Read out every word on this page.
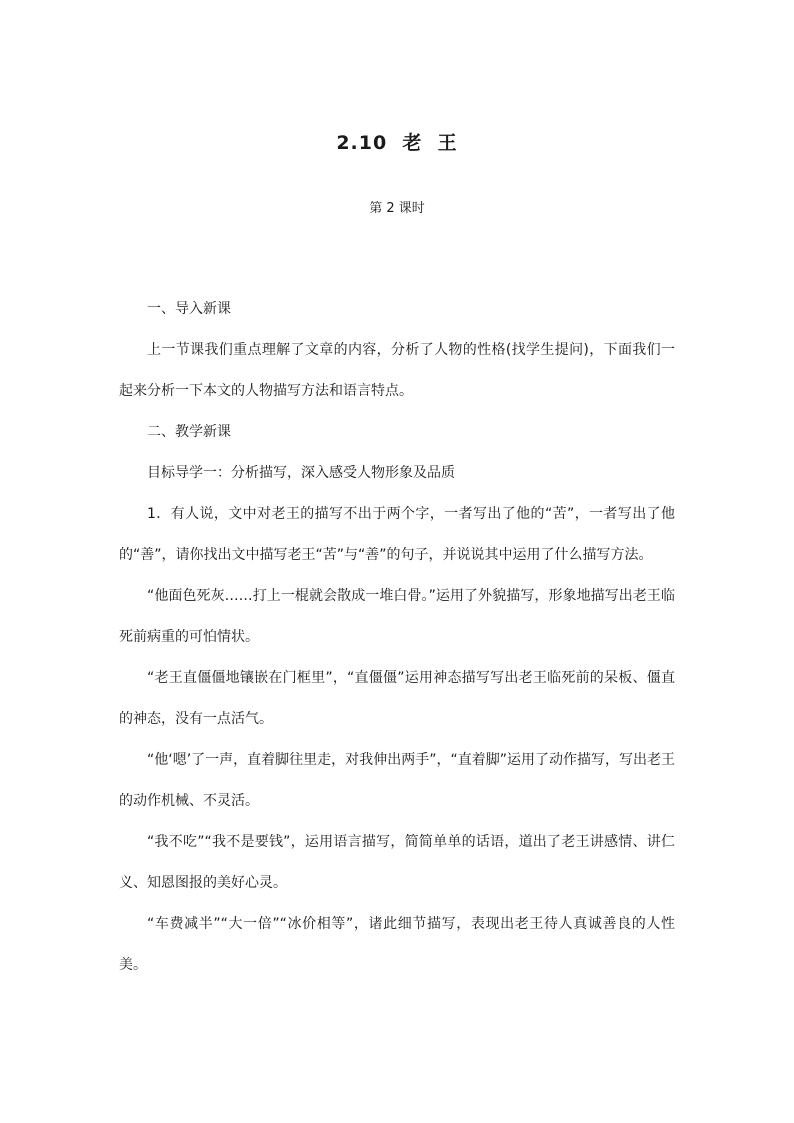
2.10  老  王
第 2 课时

一、导入新课

上一节课我们重点理解了文章的内容，分析了人物的性格(找学生提问)，下面我们一起来分析一下本文的人物描写方法和语言特点。

二、教学新课

目标导学一：分析描写，深入感受人物形象及品质

1．有人说，文中对老王的描写不出于两个字，一者写出了他的“苦”，一者写出了他的“善”，请你找出文中描写老王“苦”与“善”的句子，并说说其中运用了什么描写方法。

“他面色死灰……打上一棍就会散成一堆白骨。”运用了外貌描写，形象地描写出老王临死前病重的可怕情状。

“老王直僵僵地镶嵌在门框里”，“直僵僵”运用神态描写写出老王临死前的呆板、僵直的神态，没有一点活气。

“他‘嗯’了一声，直着脚往里走，对我伸出两手”，“直着脚”运用了动作描写，写出老王的动作机械、不灵活。

“我不吃”“我不是要钱”，运用语言描写，简简单单的话语，道出了老王讲感情、讲仁义、知恩图报的美好心灵。

“车费减半”“大一倍”“冰价相等”，诸此细节描写，表现出老王待人真诚善良的人性美。
